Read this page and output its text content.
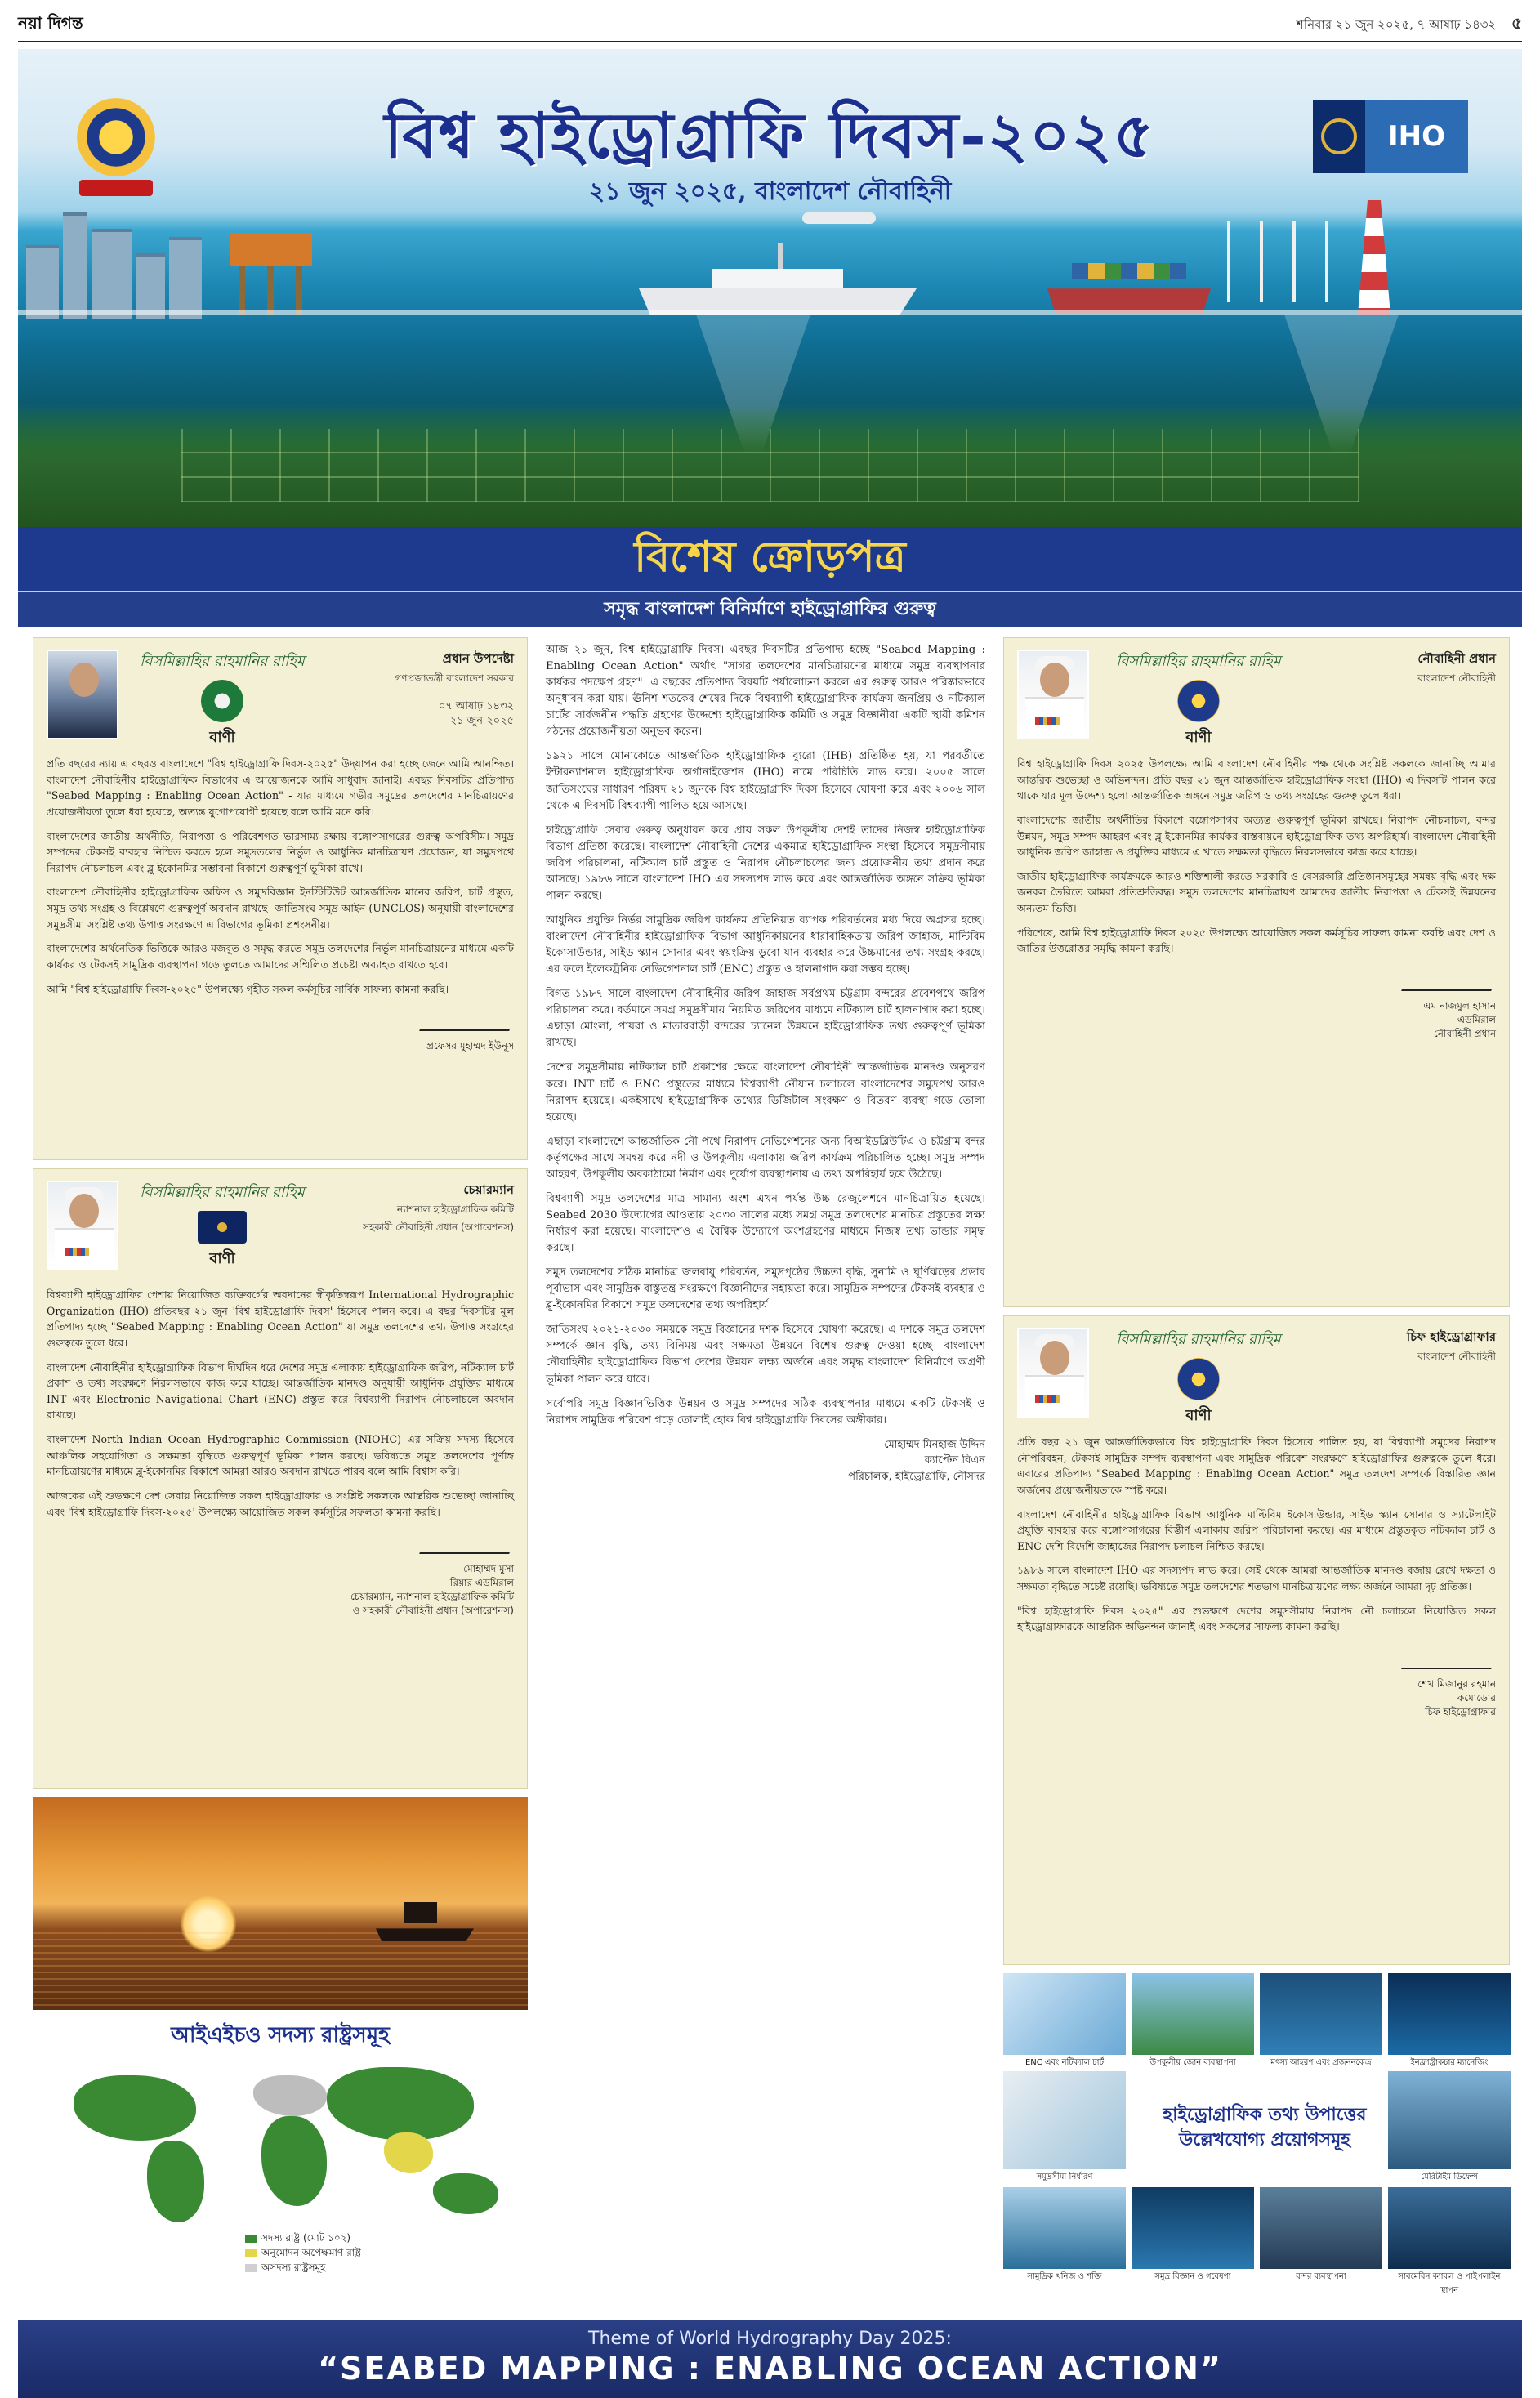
নয়া দিগন্ত	শনিবার ২১ জুন ২০২৫, ৭ আষাঢ় ১৪৩২ ৫
বিশ্ব হাইড্রোগ্রাফি দিবস-২০২৫
২১ জুন ২০২৫, বাংলাদেশ নৌবাহিনী
IHO
বিশেষ ক্রোড়পত্র
সমৃদ্ধ বাংলাদেশ বিনির্মাণে হাইড্রোগ্রাফির গুরুত্ব
বিসমিল্লাহির রাহমানির রাহিম
বাণী
প্রধান উপদেষ্টা
গণপ্রজাতন্ত্রী বাংলাদেশ সরকার
০৭ আষাঢ় ১৪৩২
২১ জুন ২০২৫

প্রতি বছরের ন্যায় এ বছরও বাংলাদেশে "বিশ্ব হাইড্রোগ্রাফি দিবস-২০২৫" উদ্‌যাপন করা হচ্ছে জেনে আমি আনন্দিত। বাংলাদেশ নৌবাহিনীর হাইড্রোগ্রাফিক বিভাগের এ আয়োজনকে আমি সাধুবাদ জানাই। এবছর দিবসটির প্রতিপাদ্য "Seabed Mapping : Enabling Ocean Action" - যার মাধ্যমে গভীর সমুদ্রের তলদেশের মানচিত্রায়ণের প্রয়োজনীয়তা তুলে ধরা হয়েছে, অত্যন্ত যুগোপযোগী হয়েছে বলে আমি মনে করি।

বাংলাদেশের জাতীয় অর্থনীতি, নিরাপত্তা ও পরিবেশগত ভারসাম্য রক্ষায় বঙ্গোপসাগরের গুরুত্ব অপরিসীম। সমুদ্র সম্পদের টেকসই ব্যবহার নিশ্চিত করতে হলে সমুদ্রতলের নির্ভুল ও আধুনিক মানচিত্রায়ণ প্রয়োজন, যা সমুদ্রপথে নিরাপদ নৌচলাচল এবং ব্লু-ইকোনমির সম্ভাবনা বিকাশে গুরুত্বপূর্ণ ভূমিকা রাখে।

বাংলাদেশ নৌবাহিনীর হাইড্রোগ্রাফিক অফিস ও সমুদ্রবিজ্ঞান ইনস্টিটিউট আন্তর্জাতিক মানের জরিপ, চার্ট প্রস্তুত, সমুদ্র তথ্য সংগ্রহ ও বিশ্লেষণে গুরুত্বপূর্ণ অবদান রাখছে। জাতিসংঘ সমুদ্র আইন (UNCLOS) অনুযায়ী বাংলাদেশের সমুদ্রসীমা সংশ্লিষ্ট তথ্য উপাত্ত সংরক্ষণে এ বিভাগের ভূমিকা প্রশংসনীয়।

বাংলাদেশের অর্থনৈতিক ভিত্তিকে আরও মজবুত ও সমৃদ্ধ করতে সমুদ্র তলদেশের নির্ভুল মানচিত্রায়নের মাধ্যমে একটি কার্যকর ও টেকসই সামুদ্রিক ব্যবস্থাপনা গড়ে তুলতে আমাদের সম্মিলিত প্রচেষ্টা অব্যাহত রাখতে হবে।

আমি "বিশ্ব হাইড্রোগ্রাফি দিবস-২০২৫" উপলক্ষ্যে গৃহীত সকল কর্মসূচির সার্বিক সাফল্য কামনা করছি।

প্রফেসর মুহাম্মদ ইউনূস
বিসমিল্লাহির রাহমানির রাহিম
বাণী
চেয়ারম্যান
ন্যাশনাল হাইড্রোগ্রাফিক কমিটি
সহকারী নৌবাহিনী প্রধান (অপারেশনস)

বিশ্বব্যাপী হাইড্রোগ্রাফির পেশায় নিয়োজিত ব্যক্তিবর্গের অবদানের স্বীকৃতিস্বরূপ International Hydrographic Organization (IHO) প্রতিবছর ২১ জুন 'বিশ্ব হাইড্রোগ্রাফি দিবস' হিসেবে পালন করে। এ বছর দিবসটির মূল প্রতিপাদ্য হচ্ছে "Seabed Mapping : Enabling Ocean Action" যা সমুদ্র তলদেশের তথ্য উপাত্ত সংগ্রহের গুরুত্বকে তুলে ধরে।

বাংলাদেশ নৌবাহিনীর হাইড্রোগ্রাফিক বিভাগ দীর্ঘদিন ধরে দেশের সমুদ্র এলাকায় হাইড্রোগ্রাফিক জরিপ, নটিক্যাল চার্ট প্রকাশ ও তথ্য সংরক্ষণে নিরলসভাবে কাজ করে যাচ্ছে। আন্তর্জাতিক মানদণ্ড অনুযায়ী আধুনিক প্রযুক্তির মাধ্যমে INT এবং Electronic Navigational Chart (ENC) প্রস্তুত করে বিশ্বব্যাপী নিরাপদ নৌচলাচলে অবদান রাখছে।

বাংলাদেশ North Indian Ocean Hydrographic Commission (NIOHC) এর সক্রিয় সদস্য হিসেবে আঞ্চলিক সহযোগিতা ও সক্ষমতা বৃদ্ধিতে গুরুত্বপূর্ণ ভূমিকা পালন করছে। ভবিষ্যতে সমুদ্র তলদেশের পূর্ণাঙ্গ মানচিত্রায়ণের মাধ্যমে ব্লু-ইকোনমির বিকাশে আমরা আরও অবদান রাখতে পারব বলে আমি বিশ্বাস করি।

আজকের এই শুভক্ষণে দেশ সেবায় নিয়োজিত সকল হাইড্রোগ্রাফার ও সংশ্লিষ্ট সকলকে আন্তরিক শুভেচ্ছা জানাচ্ছি এবং 'বিশ্ব হাইড্রোগ্রাফি দিবস-২০২৫' উপলক্ষ্যে আয়োজিত সকল কর্মসূচির সফলতা কামনা করছি।

মোহাম্মদ মুসা
রিয়ার এডমিরাল
চেয়ারম্যান, ন্যাশনাল হাইড্রোগ্রাফিক কমিটি
ও সহকারী নৌবাহিনী প্রধান (অপারেশনস)
আইএইচও সদস্য রাষ্ট্রসমূহ
সদস্য রাষ্ট্র (মোট ১০২)
অনুমোদন অপেক্ষমাণ রাষ্ট্র
অসদস্য রাষ্ট্রসমূহ

আজ ২১ জুন, বিশ্ব হাইড্রোগ্রাফি দিবস। এবছর দিবসটির প্রতিপাদ্য হচ্ছে "Seabed Mapping : Enabling Ocean Action" অর্থাৎ "সাগর তলদেশের মানচিত্রায়ণের মাধ্যমে সমুদ্র ব্যবস্থাপনার কার্যকর পদক্ষেপ গ্রহণ"। এ বছরের প্রতিপাদ্য বিষয়টি পর্যালোচনা করলে এর গুরুত্ব আরও পরিষ্কারভাবে অনুধাবন করা যায়। ঊনিশ শতকের শেষের দিকে বিশ্বব্যাপী হাইড্রোগ্রাফিক কার্যক্রম জনপ্রিয় ও নটিক্যাল চার্টের সার্বজনীন পদ্ধতি গ্রহণের উদ্দেশ্যে হাইড্রোগ্রাফিক কমিটি ও সমুদ্র বিজ্ঞানীরা একটি স্থায়ী কমিশন গঠনের প্রয়োজনীয়তা অনুভব করেন।

১৯২১ সালে মোনাকোতে আন্তর্জাতিক হাইড্রোগ্রাফিক ব্যুরো (IHB) প্রতিষ্ঠিত হয়, যা পরবর্তীতে ইন্টারন্যাশনাল হাইড্রোগ্রাফিক অর্গানাইজেশন (IHO) নামে পরিচিতি লাভ করে। ২০০৫ সালে জাতিসংঘের সাধারণ পরিষদ ২১ জুনকে বিশ্ব হাইড্রোগ্রাফি দিবস হিসেবে ঘোষণা করে এবং ২০০৬ সাল থেকে এ দিবসটি বিশ্বব্যাপী পালিত হয়ে আসছে।

হাইড্রোগ্রাফি সেবার গুরুত্ব অনুধাবন করে প্রায় সকল উপকূলীয় দেশই তাদের নিজস্ব হাইড্রোগ্রাফিক বিভাগ প্রতিষ্ঠা করেছে। বাংলাদেশ নৌবাহিনী দেশের একমাত্র হাইড্রোগ্রাফিক সংস্থা হিসেবে সমুদ্রসীমায় জরিপ পরিচালনা, নটিক্যাল চার্ট প্রস্তুত ও নিরাপদ নৌচলাচলের জন্য প্রয়োজনীয় তথ্য প্রদান করে আসছে। ১৯৮৬ সালে বাংলাদেশ IHO এর সদস্যপদ লাভ করে এবং আন্তর্জাতিক অঙ্গনে সক্রিয় ভূমিকা পালন করছে।

আধুনিক প্রযুক্তি নির্ভর সামুদ্রিক জরিপ কার্যক্রম প্রতিনিয়ত ব্যাপক পরিবর্তনের মধ্য দিয়ে অগ্রসর হচ্ছে। বাংলাদেশ নৌবাহিনীর হাইড্রোগ্রাফিক বিভাগ আধুনিকায়নের ধারাবাহিকতায় জরিপ জাহাজ, মাল্টিবিম ইকোসাউন্ডার, সাইড স্ক্যান সোনার এবং স্বয়ংক্রিয় ডুবো যান ব্যবহার করে উচ্চমানের তথ্য সংগ্রহ করছে। এর ফলে ইলেকট্রনিক নেভিগেশনাল চার্ট (ENC) প্রস্তুত ও হালনাগাদ করা সম্ভব হচ্ছে।

বিগত ১৯৮৭ সালে বাংলাদেশ নৌবাহিনীর জরিপ জাহাজ সর্বপ্রথম চট্টগ্রাম বন্দরের প্রবেশপথে জরিপ পরিচালনা করে। বর্তমানে সমগ্র সমুদ্রসীমায় নিয়মিত জরিপের মাধ্যমে নটিক্যাল চার্ট হালনাগাদ করা হচ্ছে। এছাড়া মোংলা, পায়রা ও মাতারবাড়ী বন্দরের চ্যানেল উন্নয়নে হাইড্রোগ্রাফিক তথ্য গুরুত্বপূর্ণ ভূমিকা রাখছে।

দেশের সমুদ্রসীমায় নটিক্যাল চার্ট প্রকাশের ক্ষেত্রে বাংলাদেশ নৌবাহিনী আন্তর্জাতিক মানদণ্ড অনুসরণ করে। INT চার্ট ও ENC প্রস্তুতের মাধ্যমে বিশ্বব্যাপী নৌযান চলাচলে বাংলাদেশের সমুদ্রপথ আরও নিরাপদ হয়েছে। একইসাথে হাইড্রোগ্রাফিক তথ্যের ডিজিটাল সংরক্ষণ ও বিতরণ ব্যবস্থা গড়ে তোলা হয়েছে।

এছাড়া বাংলাদেশে আন্তর্জাতিক নৌ পথে নিরাপদ নেভিগেশনের জন্য বিআইডব্লিউটিএ ও চট্টগ্রাম বন্দর কর্তৃপক্ষের সাথে সমন্বয় করে নদী ও উপকূলীয় এলাকায় জরিপ কার্যক্রম পরিচালিত হচ্ছে। সমুদ্র সম্পদ আহরণ, উপকূলীয় অবকাঠামো নির্মাণ এবং দুর্যোগ ব্যবস্থাপনায় এ তথ্য অপরিহার্য হয়ে উঠেছে।

বিশ্বব্যাপী সমুদ্র তলদেশের মাত্র সামান্য অংশ এখন পর্যন্ত উচ্চ রেজুলেশনে মানচিত্রায়িত হয়েছে। Seabed 2030 উদ্যোগের আওতায় ২০৩০ সালের মধ্যে সমগ্র সমুদ্র তলদেশের মানচিত্র প্রস্তুতের লক্ষ্য নির্ধারণ করা হয়েছে। বাংলাদেশও এ বৈশ্বিক উদ্যোগে অংশগ্রহণের মাধ্যমে নিজস্ব তথ্য ভান্ডার সমৃদ্ধ করছে।

সমুদ্র তলদেশের সঠিক মানচিত্র জলবায়ু পরিবর্তন, সমুদ্রপৃষ্ঠের উচ্চতা বৃদ্ধি, সুনামি ও ঘূর্ণিঝড়ের প্রভাব পূর্বাভাস এবং সামুদ্রিক বাস্তুতন্ত্র সংরক্ষণে বিজ্ঞানীদের সহায়তা করে। সামুদ্রিক সম্পদের টেকসই ব্যবহার ও ব্লু-ইকোনমির বিকাশে সমুদ্র তলদেশের তথ্য অপরিহার্য।

জাতিসংঘ ২০২১-২০৩০ সময়কে সমুদ্র বিজ্ঞানের দশক হিসেবে ঘোষণা করেছে। এ দশকে সমুদ্র তলদেশ সম্পর্কে জ্ঞান বৃদ্ধি, তথ্য বিনিময় এবং সক্ষমতা উন্নয়নে বিশেষ গুরুত্ব দেওয়া হচ্ছে। বাংলাদেশ নৌবাহিনীর হাইড্রোগ্রাফিক বিভাগ দেশের উন্নয়ন লক্ষ্য অর্জনে এবং সমৃদ্ধ বাংলাদেশ বিনির্মাণে অগ্রণী ভূমিকা পালন করে যাবে।

সর্বোপরি সমুদ্র বিজ্ঞানভিত্তিক উন্নয়ন ও সমুদ্র সম্পদের সঠিক ব্যবস্থাপনার মাধ্যমে একটি টেকসই ও নিরাপদ সামুদ্রিক পরিবেশ গড়ে তোলাই হোক বিশ্ব হাইড্রোগ্রাফি দিবসের অঙ্গীকার।

মোহাম্মদ মিনহাজ উদ্দিন
ক্যাপ্টেন বিএন
পরিচালক, হাইড্রোগ্রাফি, নৌসদর
বিসমিল্লাহির রাহমানির রাহিম
বাণী
নৌবাহিনী প্রধান
বাংলাদেশ নৌবাহিনী

বিশ্ব হাইড্রোগ্রাফি দিবস ২০২৫ উপলক্ষ্যে আমি বাংলাদেশ নৌবাহিনীর পক্ষ থেকে সংশ্লিষ্ট সকলকে জানাচ্ছি আমার আন্তরিক শুভেচ্ছা ও অভিনন্দন। প্রতি বছর ২১ জুন আন্তর্জাতিক হাইড্রোগ্রাফিক সংস্থা (IHO) এ দিবসটি পালন করে থাকে যার মূল উদ্দেশ্য হলো আন্তর্জাতিক অঙ্গনে সমুদ্র জরিপ ও তথ্য সংগ্রহের গুরুত্ব তুলে ধরা।

বাংলাদেশের জাতীয় অর্থনীতির বিকাশে বঙ্গোপসাগর অত্যন্ত গুরুত্বপূর্ণ ভূমিকা রাখছে। নিরাপদ নৌচলাচল, বন্দর উন্নয়ন, সমুদ্র সম্পদ আহরণ এবং ব্লু-ইকোনমির কার্যকর বাস্তবায়নে হাইড্রোগ্রাফিক তথ্য অপরিহার্য। বাংলাদেশ নৌবাহিনী আধুনিক জরিপ জাহাজ ও প্রযুক্তির মাধ্যমে এ খাতে সক্ষমতা বৃদ্ধিতে নিরলসভাবে কাজ করে যাচ্ছে।

জাতীয় হাইড্রোগ্রাফিক কার্যক্রমকে আরও শক্তিশালী করতে সরকারি ও বেসরকারি প্রতিষ্ঠানসমূহের সমন্বয় বৃদ্ধি এবং দক্ষ জনবল তৈরিতে আমরা প্রতিশ্রুতিবদ্ধ। সমুদ্র তলদেশের মানচিত্রায়ণ আমাদের জাতীয় নিরাপত্তা ও টেকসই উন্নয়নের অন্যতম ভিত্তি।

পরিশেষে, আমি বিশ্ব হাইড্রোগ্রাফি দিবস ২০২৫ উপলক্ষ্যে আয়োজিত সকল কর্মসূচির সাফল্য কামনা করছি এবং দেশ ও জাতির উত্তরোত্তর সমৃদ্ধি কামনা করছি।

এম নাজমুল হাসান
এডমিরাল
নৌবাহিনী প্রধান
বিসমিল্লাহির রাহমানির রাহিম
বাণী
চিফ হাইড্রোগ্রাফার
বাংলাদেশ নৌবাহিনী

প্রতি বছর ২১ জুন আন্তর্জাতিকভাবে বিশ্ব হাইড্রোগ্রাফি দিবস হিসেবে পালিত হয়, যা বিশ্বব্যাপী সমুদ্রের নিরাপদ নৌপরিবহন, টেকসই সামুদ্রিক সম্পদ ব্যবস্থাপনা এবং সামুদ্রিক পরিবেশ সংরক্ষণে হাইড্রোগ্রাফির গুরুত্বকে তুলে ধরে। এবারের প্রতিপাদ্য "Seabed Mapping : Enabling Ocean Action" সমুদ্র তলদেশ সম্পর্কে বিস্তারিত জ্ঞান অর্জনের প্রয়োজনীয়তাকে স্পষ্ট করে।

বাংলাদেশ নৌবাহিনীর হাইড্রোগ্রাফিক বিভাগ আধুনিক মাল্টিবিম ইকোসাউন্ডার, সাইড স্ক্যান সোনার ও স্যাটেলাইট প্রযুক্তি ব্যবহার করে বঙ্গোপসাগরের বিস্তীর্ণ এলাকায় জরিপ পরিচালনা করছে। এর মাধ্যমে প্রস্তুতকৃত নটিক্যাল চার্ট ও ENC দেশি-বিদেশি জাহাজের নিরাপদ চলাচল নিশ্চিত করছে।

১৯৮৬ সালে বাংলাদেশ IHO এর সদস্যপদ লাভ করে। সেই থেকে আমরা আন্তর্জাতিক মানদণ্ড বজায় রেখে দক্ষতা ও সক্ষমতা বৃদ্ধিতে সচেষ্ট রয়েছি। ভবিষ্যতে সমুদ্র তলদেশের শতভাগ মানচিত্রায়ণের লক্ষ্য অর্জনে আমরা দৃঢ় প্রতিজ্ঞ।

"বিশ্ব হাইড্রোগ্রাফি দিবস ২০২৫" এর শুভক্ষণে দেশের সমুদ্রসীমায় নিরাপদ নৌ চলাচলে নিয়োজিত সকল হাইড্রোগ্রাফারকে আন্তরিক অভিনন্দন জানাই এবং সকলের সাফল্য কামনা করছি।

শেখ মিজানুর রহমান
কমোডোর
চিফ হাইড্রোগ্রাফার
ENC এবং নটিক্যাল চার্ট	উপকূলীয় জোন ব্যবস্থাপনা	মৎস্য আহরণ এবং প্রজননকেন্দ্র	ইনফ্রাস্ট্রাকচার ম্যানেজিং
সমুদ্রসীমা নির্ধারণ	মেরিটাইম ডিফেন্স
সামুদ্রিক খনিজ ও শক্তি	সমুদ্র বিজ্ঞান ও গবেষণা	বন্দর ব্যবস্থাপনা	সাবমেরিন ক্যাবল ও পাইপলাইন স্থাপন
হাইড্রোগ্রাফিক তথ্য উপাত্তের উল্লেখযোগ্য প্রয়োগসমূহ
Theme of World Hydrography Day 2025:
“SEABED MAPPING : ENABLING OCEAN ACTION”
